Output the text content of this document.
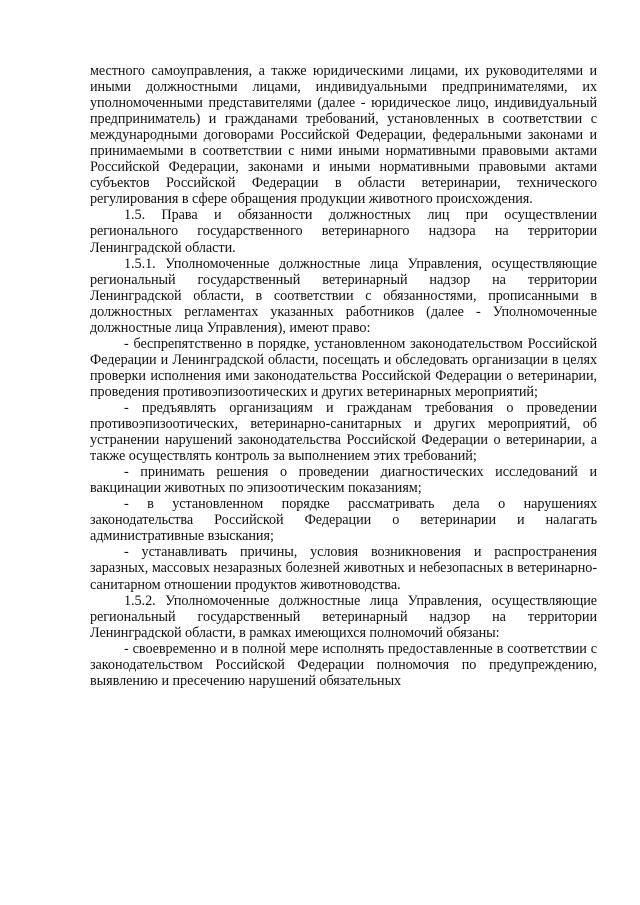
местного самоуправления, а также юридическими лицами, их руководителями и иными должностными лицами, индивидуальными предпринимателями, их уполномоченными представителями (далее - юридическое лицо, индивидуальный предприниматель) и гражданами требований, установленных в соответствии с международными договорами Российской Федерации, федеральными законами и принимаемыми в соответствии с ними иными нормативными правовыми актами Российской Федерации, законами и иными нормативными правовыми актами субъектов Российской Федерации в области ветеринарии, технического регулирования в сфере обращения продукции животного происхождения.

1.5. Права и обязанности должностных лиц при осуществлении регионального государственного ветеринарного надзора на территории Ленинградской области.

1.5.1. Уполномоченные должностные лица Управления, осуществляющие региональный государственный ветеринарный надзор на территории Ленинградской области, в соответствии с обязанностями, прописанными в должностных регламентах указанных работников (далее - Уполномоченные должностные лица Управления), имеют право:

- беспрепятственно в порядке, установленном законодательством Российской Федерации и Ленинградской области, посещать и обследовать организации в целях проверки исполнения ими законодательства Российской Федерации о ветеринарии, проведения противоэпизоотических и других ветеринарных мероприятий;

- предъявлять организациям и гражданам требования о проведении противоэпизоотических, ветеринарно-санитарных и других мероприятий, об устранении нарушений законодательства Российской Федерации о ветеринарии, а также осуществлять контроль за выполнением этих требований;

- принимать решения о проведении диагностических исследований и вакцинации животных по эпизоотическим показаниям;

- в установленном порядке рассматривать дела о нарушениях законодательства Российской Федерации о ветеринарии и налагать административные взыскания;

- устанавливать причины, условия возникновения и распространения заразных, массовых незаразных болезней животных и небезопасных в ветеринарно-санитарном отношении продуктов животноводства.

1.5.2. Уполномоченные должностные лица Управления, осуществляющие региональный государственный ветеринарный надзор на территории Ленинградской области, в рамках имеющихся полномочий обязаны:

- своевременно и в полной мере исполнять предоставленные в соответствии с законодательством Российской Федерации полномочия по предупреждению, выявлению и пресечению нарушений обязательных
